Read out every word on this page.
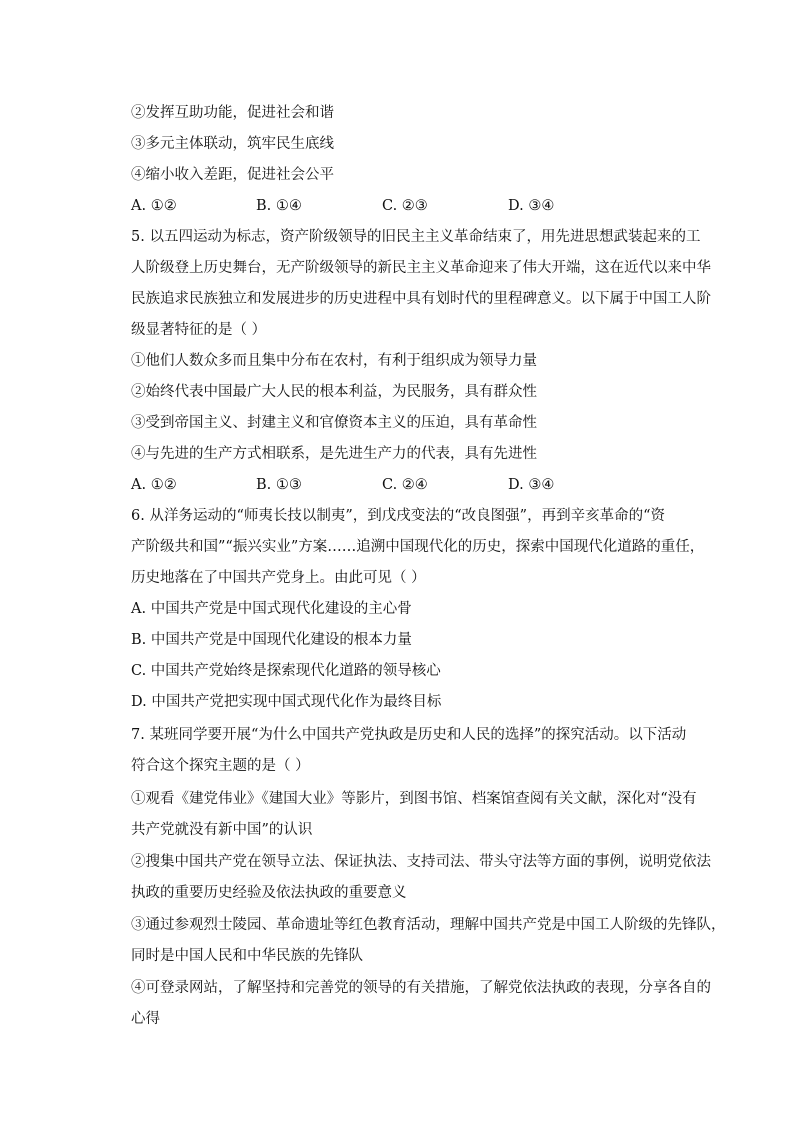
②发挥互助功能，促进社会和谐
③多元主体联动，筑牢民生底线
④缩小收入差距，促进社会公平
A. ①②	B. ①④	C. ②③	D. ③④
5. 以五四运动为标志，资产阶级领导的旧民主主义革命结束了，用先进思想武装起来的工
人阶级登上历史舞台，无产阶级领导的新民主主义革命迎来了伟大开端，这在近代以来中华
民族追求民族独立和发展进步的历史进程中具有划时代的里程碑意义。以下属于中国工人阶
级显著特征的是（ ）
①他们人数众多而且集中分布在农村，有利于组织成为领导力量
②始终代表中国最广大人民的根本利益，为民服务，具有群众性
③受到帝国主义、封建主义和官僚资本主义的压迫，具有革命性
④与先进的生产方式相联系，是先进生产力的代表，具有先进性
A. ①②	B. ①③	C. ②④	D. ③④
6. 从洋务运动的“师夷长技以制夷”，到戊戌变法的“改良图强”，再到辛亥革命的“资
产阶级共和国”“振兴实业”方案……追溯中国现代化的历史，探索中国现代化道路的重任，
历史地落在了中国共产党身上。由此可见（ ）
A. 中国共产党是中国式现代化建设的主心骨
B. 中国共产党是中国现代化建设的根本力量
C. 中国共产党始终是探索现代化道路的领导核心
D. 中国共产党把实现中国式现代化作为最终目标
7. 某班同学要开展“为什么中国共产党执政是历史和人民的选择”的探究活动。以下活动
符合这个探究主题的是（ ）
①观看《建党伟业》《建国大业》等影片，到图书馆、档案馆查阅有关文献，深化对“没有
共产党就没有新中国”的认识
②搜集中国共产党在领导立法、保证执法、支持司法、带头守法等方面的事例，说明党依法
执政的重要历史经验及依法执政的重要意义
③通过参观烈士陵园、革命遗址等红色教育活动，理解中国共产党是中国工人阶级的先锋队，
同时是中国人民和中华民族的先锋队
④可登录网站，了解坚持和完善党的领导的有关措施，了解党依法执政的表现，分享各自的
心得
